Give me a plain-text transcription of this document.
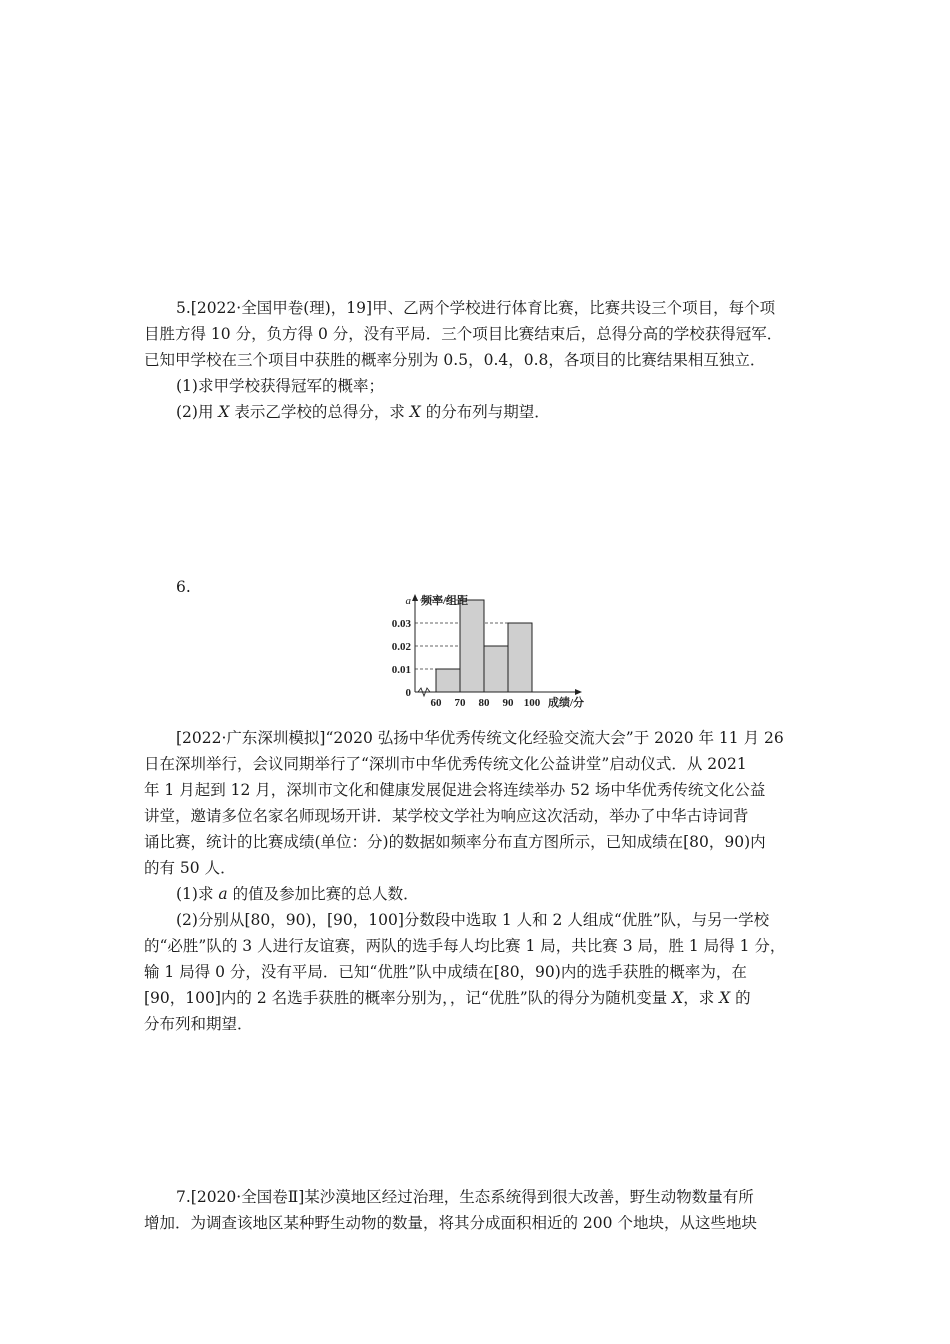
5.[2022·全国甲卷(理)，19]甲、乙两个学校进行体育比赛，比赛共设三个项目，每个项
目胜方得 10 分，负方得 0 分，没有平局．三个项目比赛结束后，总得分高的学校获得冠军．
已知甲学校在三个项目中获胜的概率分别为 0.5，0.4，0.8，各项目的比赛结果相互独立．
(1)求甲学校获得冠军的概率；
(2)用 X 表示乙学校的总得分，求 X 的分布列与期望．
6.
0
0.01
0.02
0.03
a
60 70 80 90 100
频率/组距
成绩/分
[2022·广东深圳模拟]“2020 弘扬中华优秀传统文化经验交流大会”于 2020 年 11 月 26
日在深圳举行，会议同期举行了“深圳市中华优秀传统文化公益讲堂”启动仪式．从 2021
年 1 月起到 12 月，深圳市文化和健康发展促进会将连续举办 52 场中华优秀传统文化公益
讲堂，邀请多位名家名师现场开讲．某学校文学社为响应这次活动，举办了中华古诗词背
诵比赛，统计的比赛成绩(单位：分)的数据如频率分布直方图所示，已知成绩在[80，90)内
的有 50 人．
(1)求 a 的值及参加比赛的总人数．
(2)分别从[80，90)，[90，100]分数段中选取 1 人和 2 人组成“优胜”队，与另一学校
的“必胜”队的 3 人进行友谊赛，两队的选手每人均比赛 1 局，共比赛 3 局，胜 1 局得 1 分，
输 1 局得 0 分，没有平局．已知“优胜”队中成绩在[80，90)内的选手获胜的概率为，在
[90，100]内的 2 名选手获胜的概率分别为，，记“优胜”队的得分为随机变量 X，求 X 的
分布列和期望．
7.[2020·全国卷Ⅱ]某沙漠地区经过治理，生态系统得到很大改善，野生动物数量有所
增加．为调查该地区某种野生动物的数量，将其分成面积相近的 200 个地块，从这些地块
